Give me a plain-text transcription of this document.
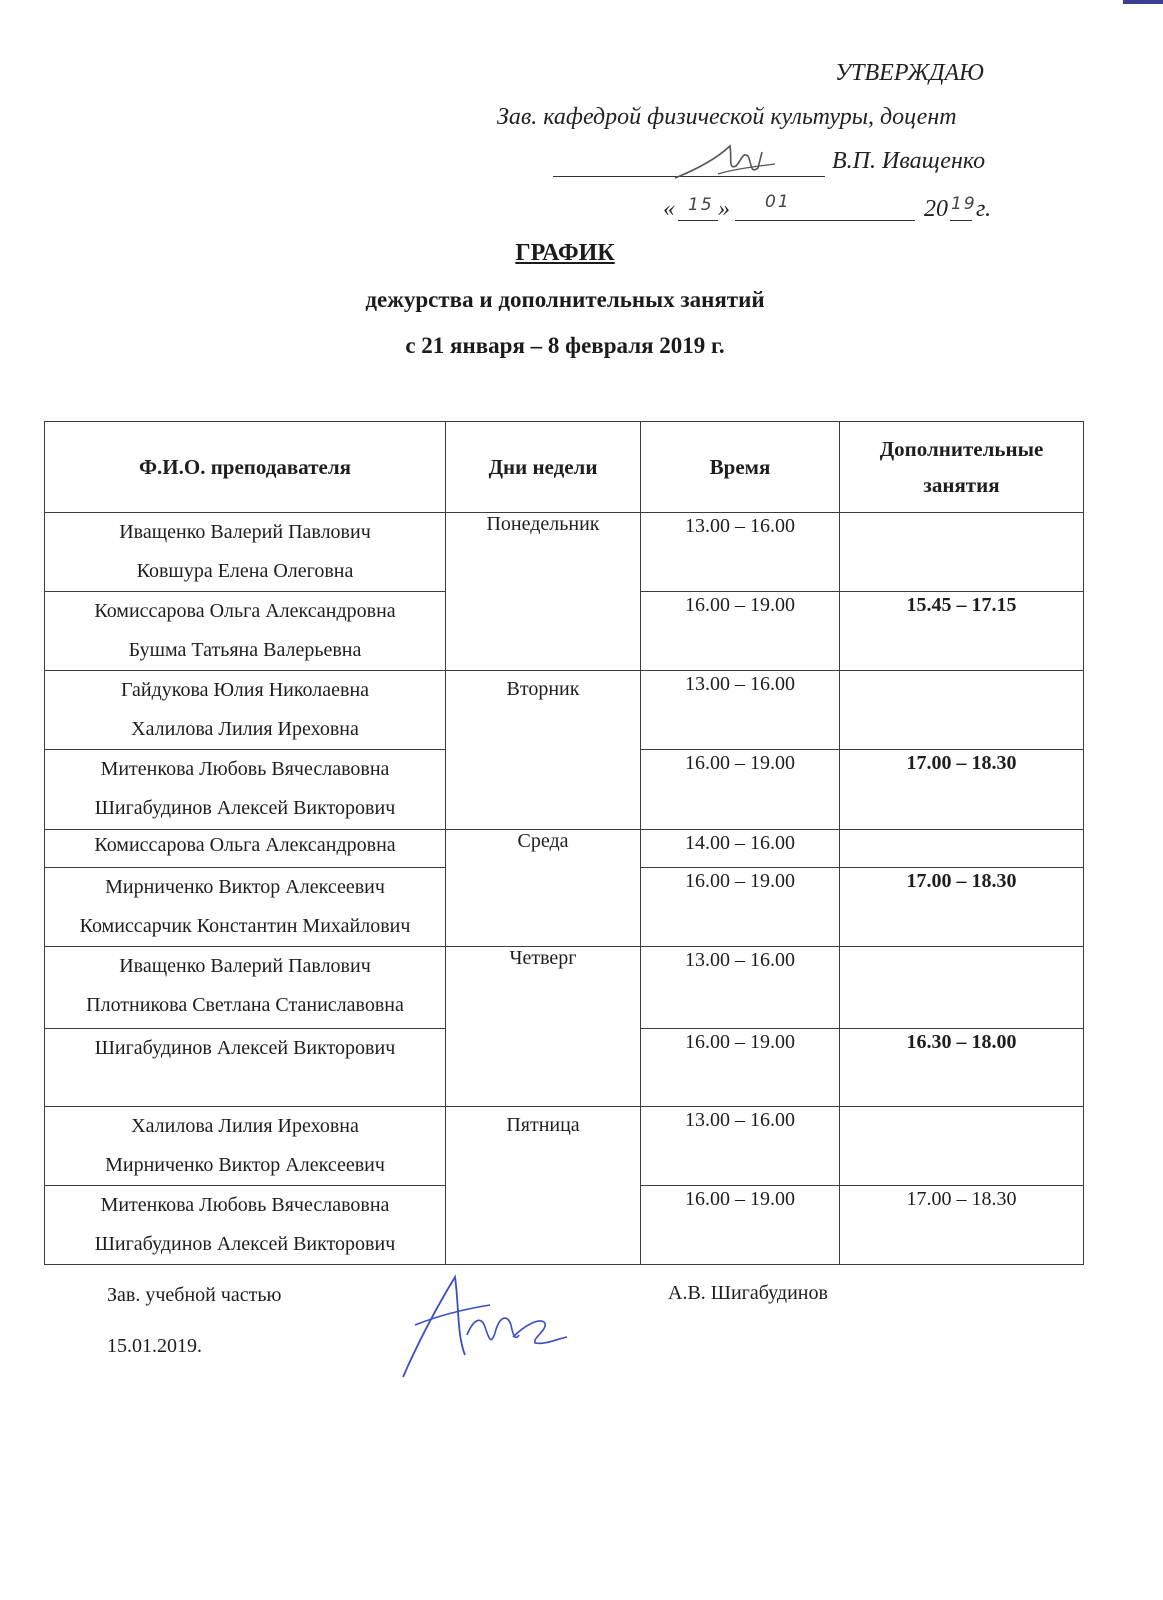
УТВЕРЖДАЮ
Зав. кафедрой физической культуры, доцент
В.П. Иващенко
« 15 » 01	20 19 г.
ГРАФИК
дежурства и дополнительных занятий
с 21 января – 8 февраля 2019 г.
Ф.И.О. преподавателя	Дни недели	Время	Дополнительные занятия

Иващенко Валерий Павлович
Ковшура Елена Олеговна	Понедельник	13.00 – 16.00	

Комиссарова Ольга Александровна
Бушма Татьяна Валерьевна		16.00 – 19.00	15.45 – 17.15

Гайдукова Юлия Николаевна
Халилова Лилия Иреховна	Вторник	13.00 – 16.00	

Митенкова Любовь Вячеславовна
Шигабудинов Алексей Викторович		16.00 – 19.00	17.00 – 18.30

Комиссарова Ольга Александровна	Среда	14.00 – 16.00	

Мирниченко Виктор Алексеевич
Комиссарчик Константин Михайлович		16.00 – 19.00	17.00 – 18.30

Иващенко Валерий Павлович
Плотникова Светлана Станиславовна	Четверг	13.00 – 16.00	

Шигабудинов Алексей Викторович		16.00 – 19.00	16.30 – 18.00

Халилова Лилия Иреховна
Мирниченко Виктор Алексеевич	Пятница	13.00 – 16.00	

Митенкова Любовь Вячеславовна
Шигабудинов Алексей Викторович		16.00 – 19.00	17.00 – 18.30
Зав. учебной частью
15.01.2019.
А.В. Шигабудинов
